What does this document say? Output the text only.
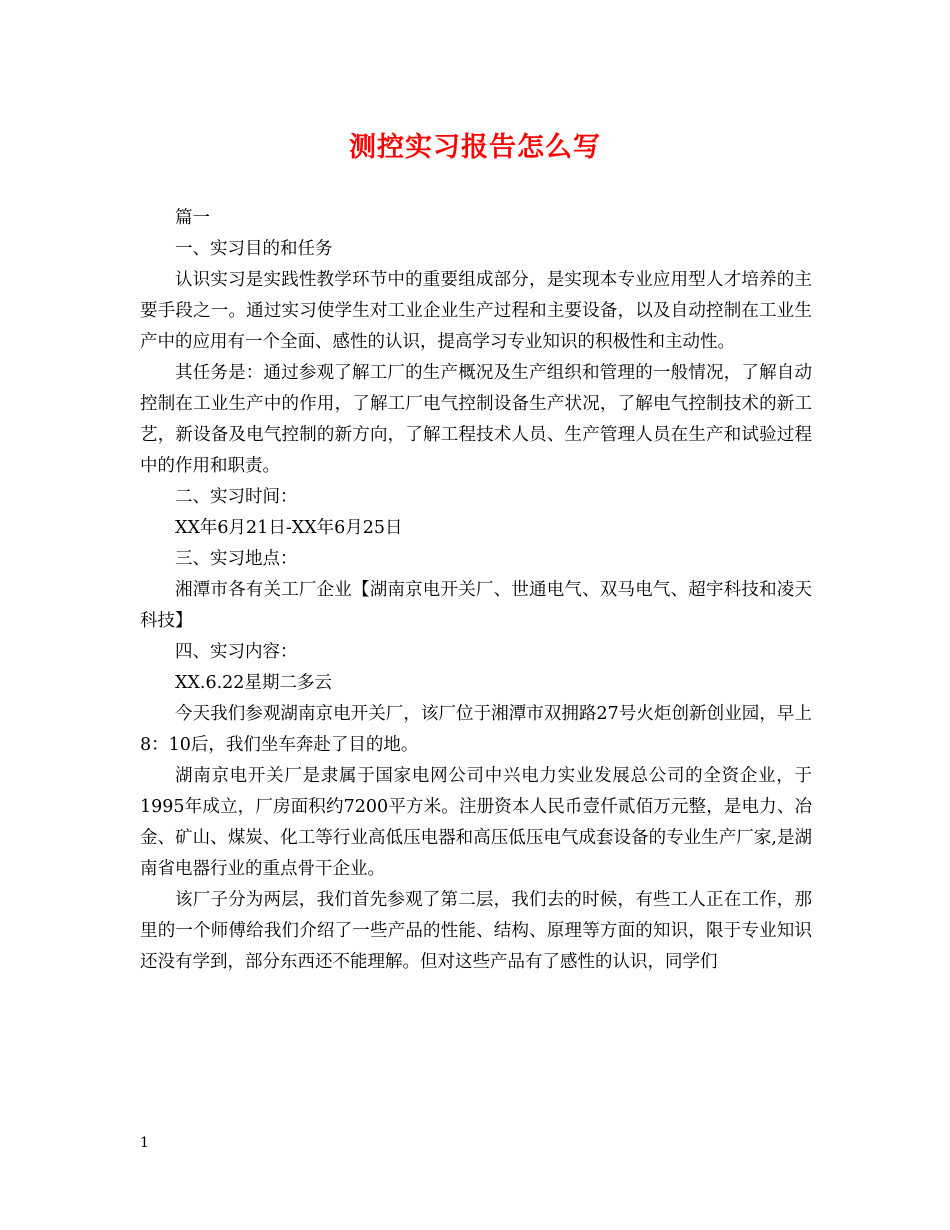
测控实习报告怎么写

篇一

一、实习目的和任务

认识实习是实践性教学环节中的重要组成部分，是实现本专业应用型人才培养的主要手段之一。通过实习使学生对工业企业生产过程和主要设备，以及自动控制在工业生产中的应用有一个全面、感性的认识，提高学习专业知识的积极性和主动性。

其任务是：通过参观了解工厂的生产概况及生产组织和管理的一般情况，了解自动控制在工业生产中的作用，了解工厂电气控制设备生产状况，了解电气控制技术的新工艺，新设备及电气控制的新方向，了解工程技术人员、生产管理人员在生产和试验过程中的作用和职责。

二、实习时间：

XX年6月21日-XX年6月25日

三、实习地点：

湘潭市各有关工厂企业【湖南京电开关厂、世通电气、双马电气、超宇科技和凌天科技】

四、实习内容：

XX.6.22星期二多云

今天我们参观湖南京电开关厂，该厂位于湘潭市双拥路27号火炬创新创业园，早上8：10后，我们坐车奔赴了目的地。

湖南京电开关厂是隶属于国家电网公司中兴电力实业发展总公司的全资企业，于1995年成立，厂房面积约7200平方米。注册资本人民币壹仟贰佰万元整，是电力、冶金、矿山、煤炭、化工等行业高低压电器和高压低压电气成套设备的专业生产厂家,是湖南省电器行业的重点骨干企业。

该厂子分为两层，我们首先参观了第二层，我们去的时候，有些工人正在工作，那里的一个师傅给我们介绍了一些产品的性能、结构、原理等方面的知识，限于专业知识还没有学到，部分东西还不能理解。但对这些产品有了感性的认识，同学们

1
